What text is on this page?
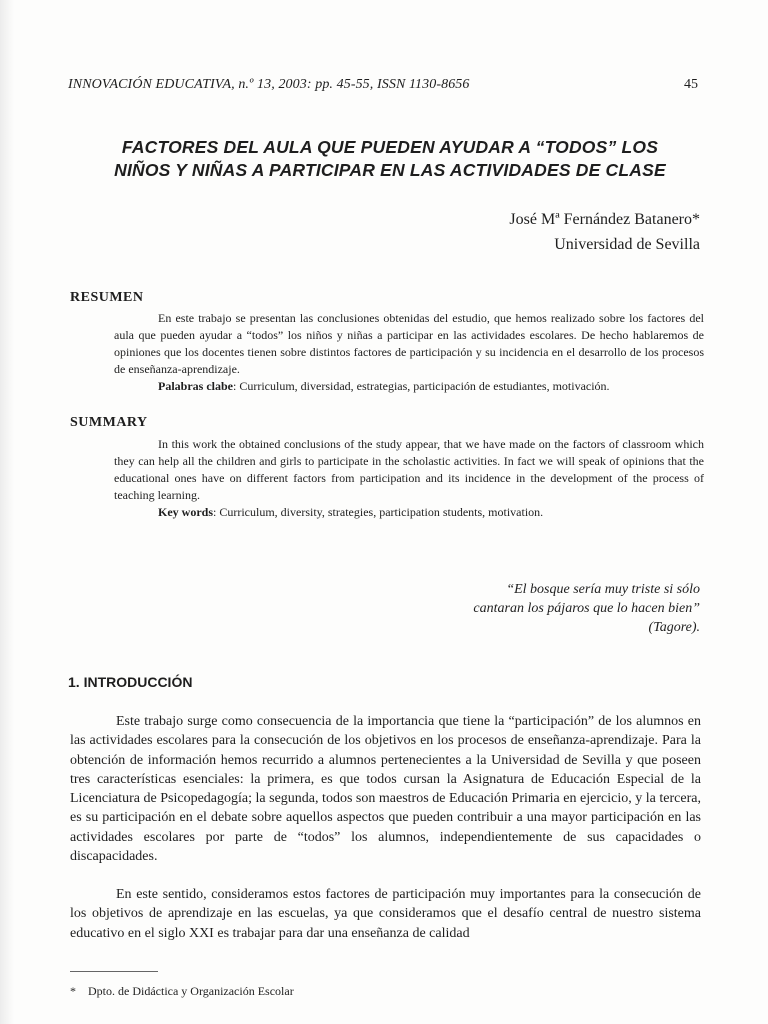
INNOVACIÓN EDUCATIVA, n.º 13, 2003: pp. 45-55, ISSN 1130-8656	45
FACTORES DEL AULA QUE PUEDEN AYUDAR A “TODOS” LOS
NIÑOS Y NIÑAS A PARTICIPAR EN LAS ACTIVIDADES DE CLASE
José Mª Fernández Batanero*
Universidad de Sevilla
RESUMEN

En este trabajo se presentan las conclusiones obtenidas del estudio, que hemos realizado sobre los factores del aula que pueden ayudar a “todos” los niños y niñas a participar en las actividades escolares. De hecho hablaremos de opiniones que los docentes tienen sobre distintos factores de participación y su incidencia en el desarrollo de los procesos de enseñanza-aprendizaje.

Palabras clabe: Curriculum, diversidad, estrategias, participación de estudiantes, motivación.

SUMMARY

In this work the obtained conclusions of the study appear, that we have made on the factors of classroom which they can help all the children and girls to participate in the scholastic activities. In fact we will speak of opinions that the educational ones have on different factors from participation and its incidence in the development of the process of teaching learning.

Key words: Curriculum, diversity, strategies, participation students, motivation.

“El bosque sería muy triste si sólo
cantaran los pájaros que lo hacen bien”
(Tagore).
1. INTRODUCCIÓN

Este trabajo surge como consecuencia de la importancia que tiene la “participación” de los alumnos en las actividades escolares para la consecución de los objetivos en los procesos de enseñanza-aprendizaje. Para la obtención de información hemos recurrido a alumnos pertenecientes a la Universidad de Sevilla y que poseen tres características esenciales: la primera, es que todos cursan la Asignatura de Educación Especial de la Licenciatura de Psicopedagogía; la segunda, todos son maestros de Educación Primaria en ejercicio, y la tercera, es su participación en el debate sobre aquellos aspectos que pueden contribuir a una mayor participación en las actividades escolares por parte de “todos” los alumnos, independientemente de sus capacidades o discapacidades.

En este sentido, consideramos estos factores de participación muy importantes para la consecución de los objetivos de aprendizaje en las escuelas, ya que consideramos que el desafío central de nuestro sistema educativo en el siglo XXI es trabajar para dar una enseñanza de calidad

* Dpto. de Didáctica y Organización Escolar
